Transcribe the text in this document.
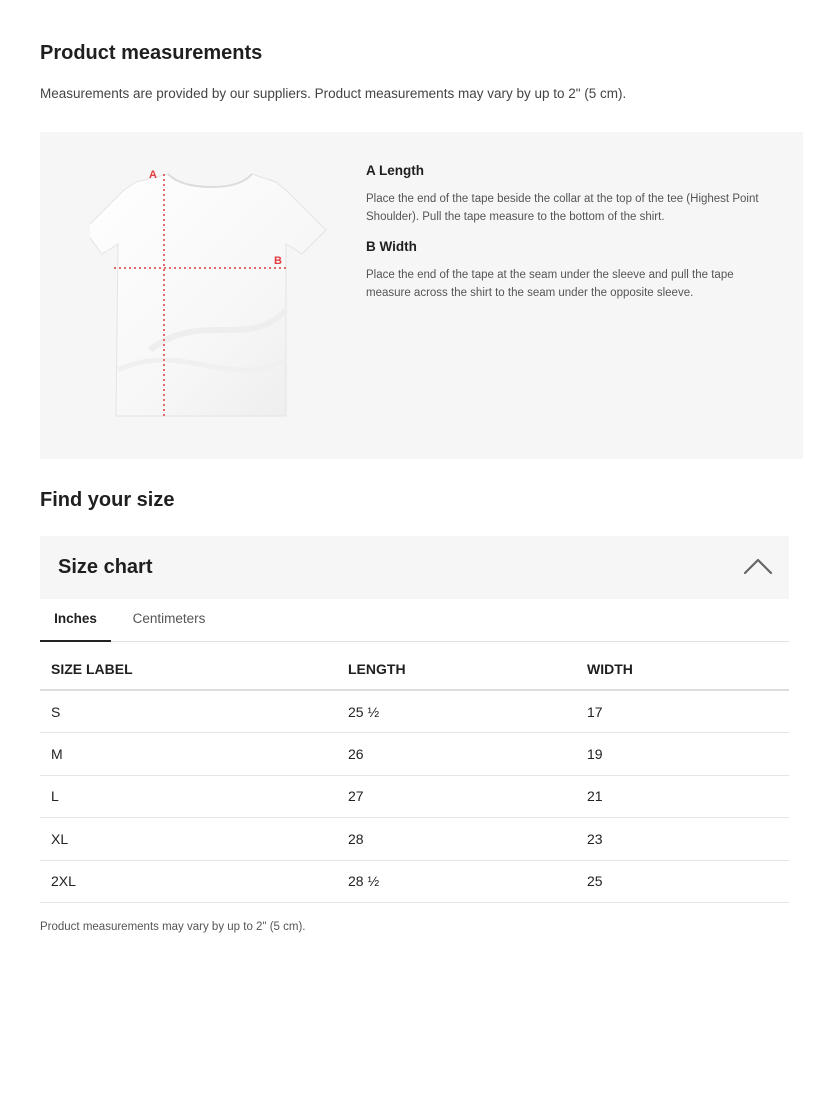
Product measurements
Measurements are provided by our suppliers. Product measurements may vary by up to 2" (5 cm).
A
B
A Length
Place the end of the tape beside the collar at the top of the tee (Highest Point Shoulder). Pull the tape measure to the bottom of the shirt.
B Width
Place the end of the tape at the seam under the sleeve and pull the tape measure across the shirt to the seam under the opposite sleeve.
Find your size
Size chart
Inches	Centimeters
SIZE LABEL	LENGTH	WIDTH
S	25 ½	17
M	26	19
L	27	21
XL	28	23
2XL	28 ½	25
Product measurements may vary by up to 2" (5 cm).
